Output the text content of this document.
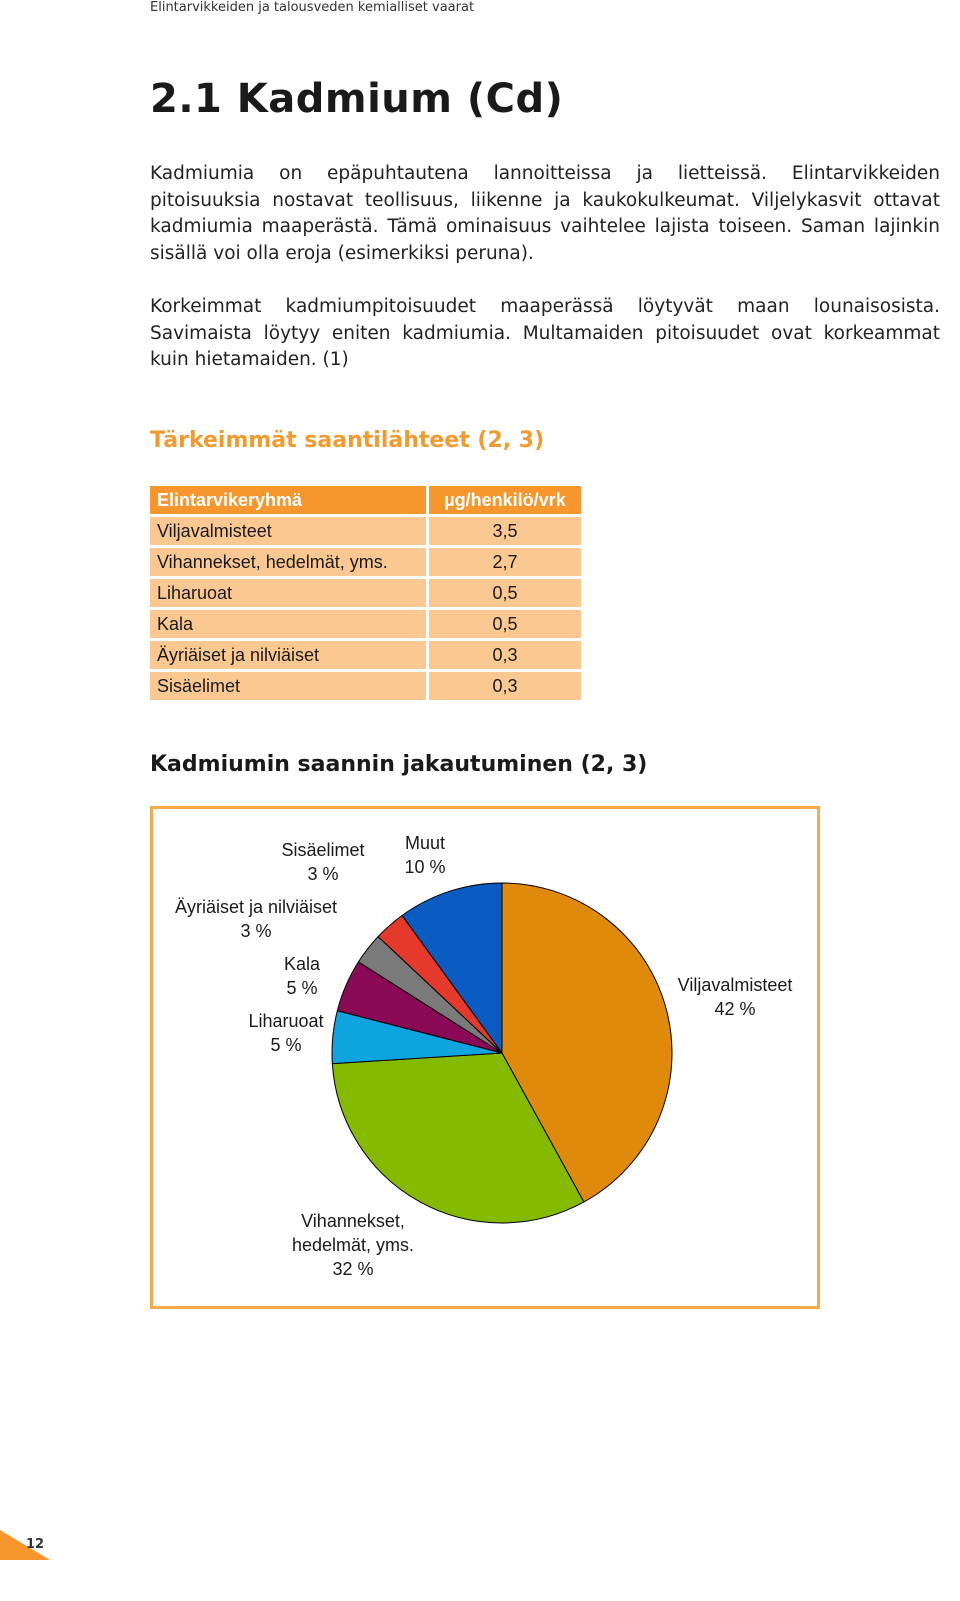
Elintarvikkeiden ja talousveden kemialliset vaarat
2.1 Kadmium (Cd)

Kadmiumia on epäpuhtautena lannoitteissa ja lietteissä. Elintarvikkeiden pitoisuuksia nostavat teollisuus, liikenne ja kaukokulkeumat. Viljelykasvit ottavat kadmiumia maaperästä. Tämä ominaisuus vaihtelee lajista toiseen. Saman lajinkin sisällä voi olla eroja (esimerkiksi peruna).

Korkeimmat kadmiumpitoisuudet maaperässä löytyvät maan lounaisosista. Savimaista löytyy eniten kadmiumia. Multamaiden pitoisuudet ovat korkeammat kuin hietamaiden. (1)

Tärkeimmät saantilähteet (2, 3)
Elintarvikeryhmä	µg/henkilö/vrk
Viljavalmisteet	3,5
Vihannekset, hedelmät, yms.	2,7
Liharuoat	0,5
Kala	0,5
Äyriäiset ja nilviäiset	0,3
Sisäelimet	0,3
Kadmiumin saannin jakautuminen (2, 3)
Viljavalmisteet 42 %
Vihannekset, hedelmät, yms. 32 %
Liharuoat 5 %
Kala 5 %
Äyriäiset ja nilviäiset 3 %
Sisäelimet 3 %
Muut 10 %
12
